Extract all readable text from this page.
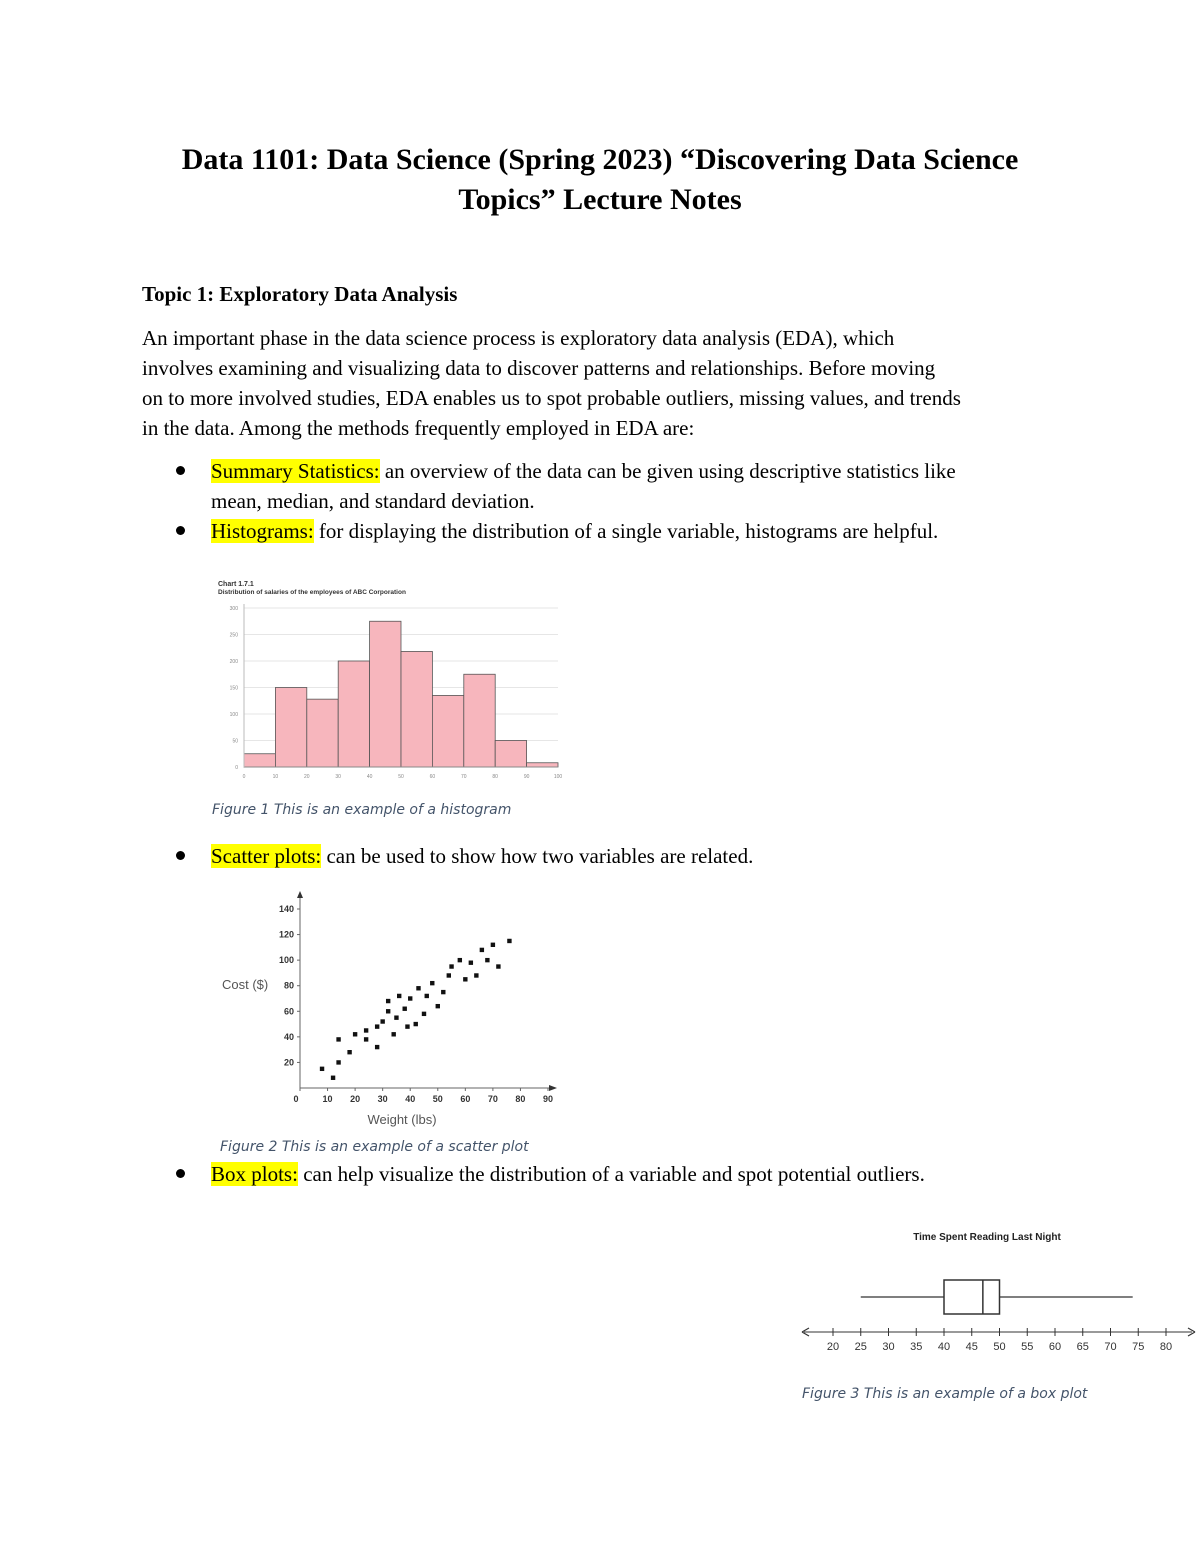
Data 1101: Data Science (Spring 2023) “Discovering Data Science
Topics” Lecture Notes
Topic 1: Exploratory Data Analysis
An important phase in the data science process is exploratory data analysis (EDA), which
involves examining and visualizing data to discover patterns and relationships. Before moving
on to more involved studies, EDA enables us to spot probable outliers, missing values, and trends
in the data. Among the methods frequently employed in EDA are:
Summary Statistics: an overview of the data can be given using descriptive statistics like
mean, median, and standard deviation.
Histograms: for displaying the distribution of a single variable, histograms are helpful.
Chart 1.7.1
Distribution of salaries of the employees of ABC Corporation
0
50
100
150
200
250
300
0	10	20	30	40	50	60	70	80	90	100
Figure 1 This is an example of a histogram
Scatter plots: can be used to show how two variables are related.
20
40
60
80
100
120
140
0	10 20 30 40 50 60 70 80 90
Weight (lbs)
Cost ($)
Figure 2 This is an example of a scatter plot
Box plots: can help visualize the distribution of a variable and spot potential outliers.
Time Spent Reading Last Night
20 25 30 35 40 45 50 55 60 65 70 75 80
Figure 3 This is an example of a box plot
